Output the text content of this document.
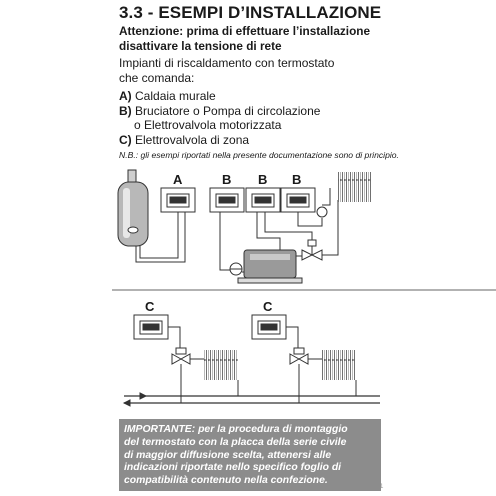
3.3 - ESEMPI D’INSTALLAZIONE
Attenzione: prima di effettuare l’installazione
disattivare la tensione di rete
Impianti di riscaldamento con termostato
che comanda:
A) Caldaia murale
B) Bruciatore o Pompa di circolazione
o Elettrovalvola motorizzata
C) Elettrovalvola di zona
N.B.: gli esempi riportati nella presente documentazione sono di principio.
A	B B B
C	C
IMPORTANTE: per la procedura di montaggio
del termostato con la placca della serie civile
di maggior diffusione scelta, attenersi alle
indicazioni riportate nello specifico foglio di
compatibilità contenuto nella confezione.
1
